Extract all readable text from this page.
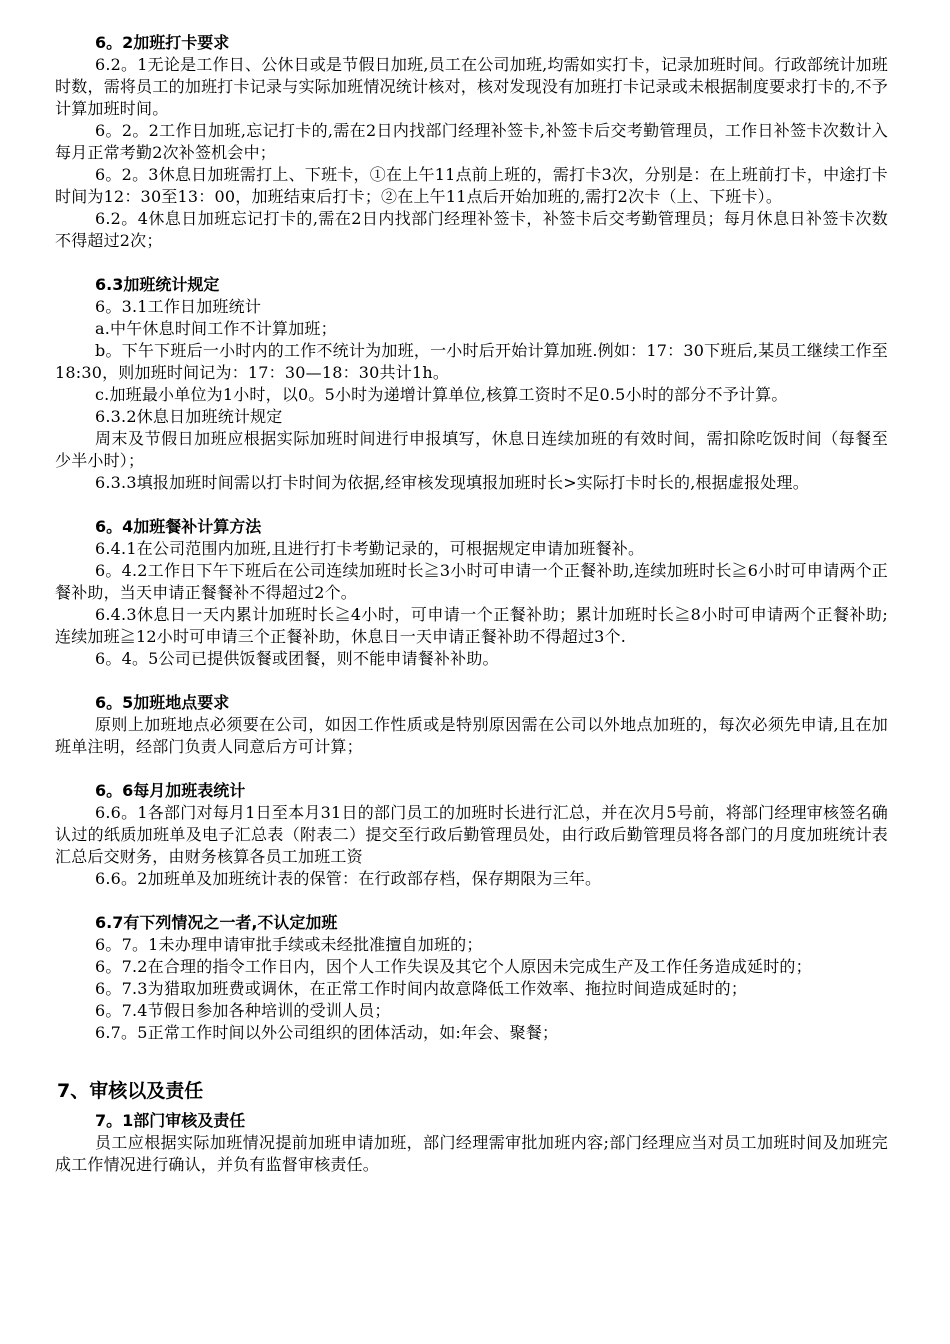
6。2加班打卡要求

6.2。1无论是工作日、公休日或是节假日加班,员工在公司加班,均需如实打卡，记录加班时间。行政部统计加班时数，需将员工的加班打卡记录与实际加班情况统计核对，核对发现没有加班打卡记录或未根据制度要求打卡的,不予计算加班时间。

6。2。2工作日加班,忘记打卡的,需在2日内找部门经理补签卡,补签卡后交考勤管理员，工作日补签卡次数计入每月正常考勤2次补签机会中；

6。2。3休息日加班需打上、下班卡，①在上午11点前上班的，需打卡3次，分别是：在上班前打卡，中途打卡时间为12：30至13：00，加班结束后打卡；②在上午11点后开始加班的,需打2次卡（上、下班卡）。

6.2。4休息日加班忘记打卡的,需在2日内找部门经理补签卡，补签卡后交考勤管理员；每月休息日补签卡次数不得超过2次；

6.3加班统计规定

6。3.1工作日加班统计

a.中午休息时间工作不计算加班；

b。下午下班后一小时内的工作不统计为加班，一小时后开始计算加班.例如：17：30下班后,某员工继续工作至18:30，则加班时间记为：17：30—18：30共计1h。

c.加班最小单位为1小时，以0。5小时为递增计算单位,核算工资时不足0.5小时的部分不予计算。

6.3.2休息日加班统计规定

周末及节假日加班应根据实际加班时间进行申报填写，休息日连续加班的有效时间，需扣除吃饭时间（每餐至少半小时）；

6.3.3填报加班时间需以打卡时间为依据,经审核发现填报加班时长>实际打卡时长的,根据虚报处理。

6。4加班餐补计算方法

6.4.1在公司范围内加班,且进行打卡考勤记录的，可根据规定申请加班餐补。

6。4.2工作日下午下班后在公司连续加班时长≧3小时可申请一个正餐补助,连续加班时长≧6小时可申请两个正餐补助，当天申请正餐餐补不得超过2个。

6.4.3休息日一天内累计加班时长≧4小时，可申请一个正餐补助；累计加班时长≧8小时可申请两个正餐补助;连续加班≧12小时可申请三个正餐补助，休息日一天申请正餐补助不得超过3个.

6。4。5公司已提供饭餐或团餐，则不能申请餐补补助。

6。5加班地点要求

原则上加班地点必须要在公司，如因工作性质或是特别原因需在公司以外地点加班的，每次必须先申请,且在加班单注明，经部门负责人同意后方可计算；

6。6每月加班表统计

6.6。1各部门对每月1日至本月31日的部门员工的加班时长进行汇总，并在次月5号前，将部门经理审核签名确认过的纸质加班单及电子汇总表（附表二）提交至行政后勤管理员处，由行政后勤管理员将各部门的月度加班统计表汇总后交财务，由财务核算各员工加班工资

6.6。2加班单及加班统计表的保管：在行政部存档，保存期限为三年。

6.7有下列情况之一者,不认定加班

6。7。1未办理申请审批手续或未经批准擅自加班的；

6。7.2在合理的指令工作日内，因个人工作失误及其它个人原因未完成生产及工作任务造成延时的；

6。7.3为猎取加班费或调休，在正常工作时间内故意降低工作效率、拖拉时间造成延时的；

6。7.4节假日参加各种培训的受训人员；

6.7。5正常工作时间以外公司组织的团体活动，如:年会、聚餐；

7、审核以及责任
7。1部门审核及责任

员工应根据实际加班情况提前加班申请加班，部门经理需审批加班内容;部门经理应当对员工加班时间及加班完成工作情况进行确认，并负有监督审核责任。
